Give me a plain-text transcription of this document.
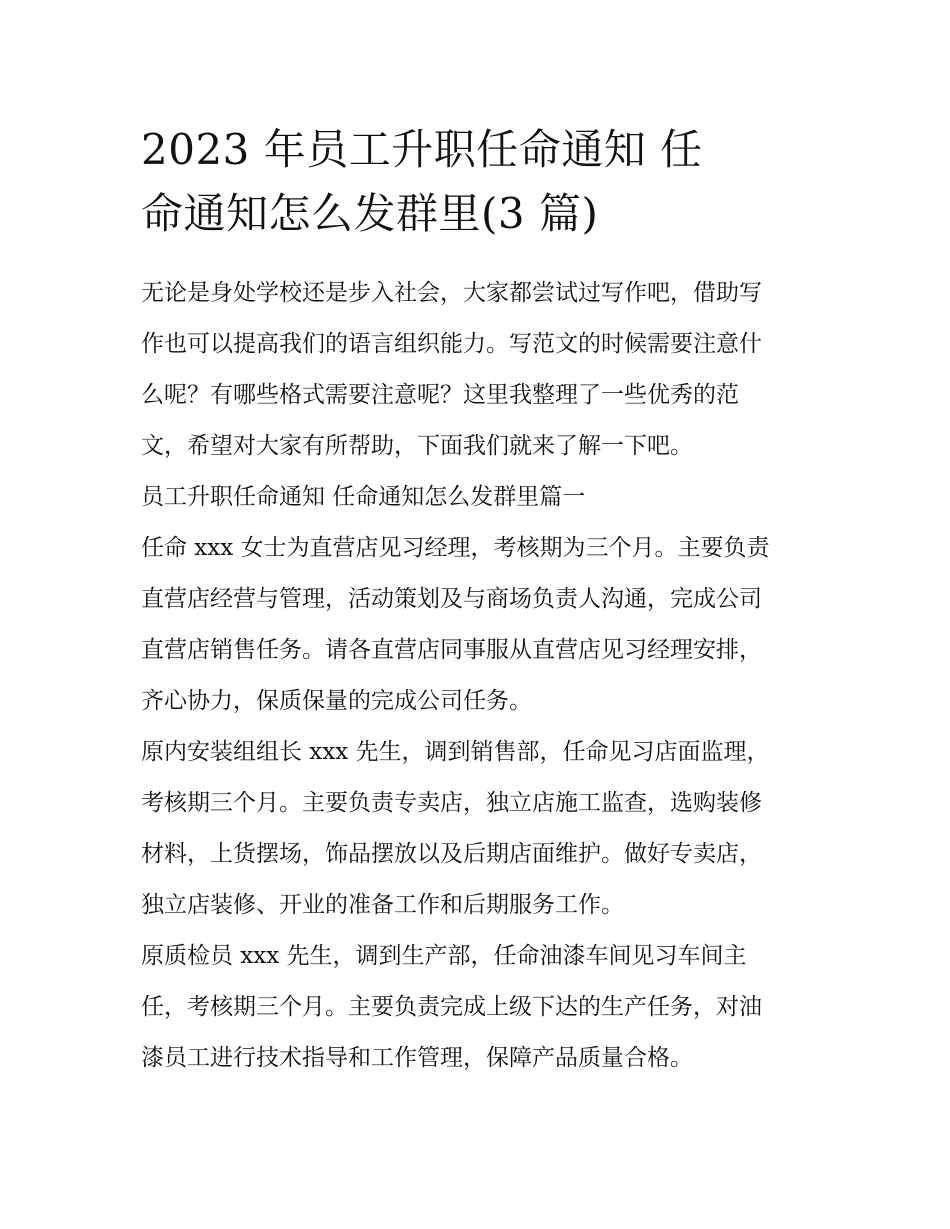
2023 年员工升职任命通知 任
命通知怎么发群里(3 篇)

无论是身处学校还是步入社会，大家都尝试过写作吧，借助写
作也可以提高我们的语言组织能力。写范文的时候需要注意什
么呢？有哪些格式需要注意呢？这里我整理了一些优秀的范
文，希望对大家有所帮助，下面我们就来了解一下吧。

员工升职任命通知 任命通知怎么发群里篇一

任命 xxx 女士为直营店见习经理，考核期为三个月。主要负责
直营店经营与管理，活动策划及与商场负责人沟通，完成公司
直营店销售任务。请各直营店同事服从直营店见习经理安排，
齐心协力，保质保量的完成公司任务。

原内安装组组长 xxx 先生，调到销售部，任命见习店面监理，
考核期三个月。主要负责专卖店，独立店施工监查，选购装修
材料，上货摆场，饰品摆放以及后期店面维护。做好专卖店，
独立店装修、开业的准备工作和后期服务工作。

原质检员 xxx 先生，调到生产部，任命油漆车间见习车间主
任，考核期三个月。主要负责完成上级下达的生产任务，对油
漆员工进行技术指导和工作管理，保障产品质量合格。
